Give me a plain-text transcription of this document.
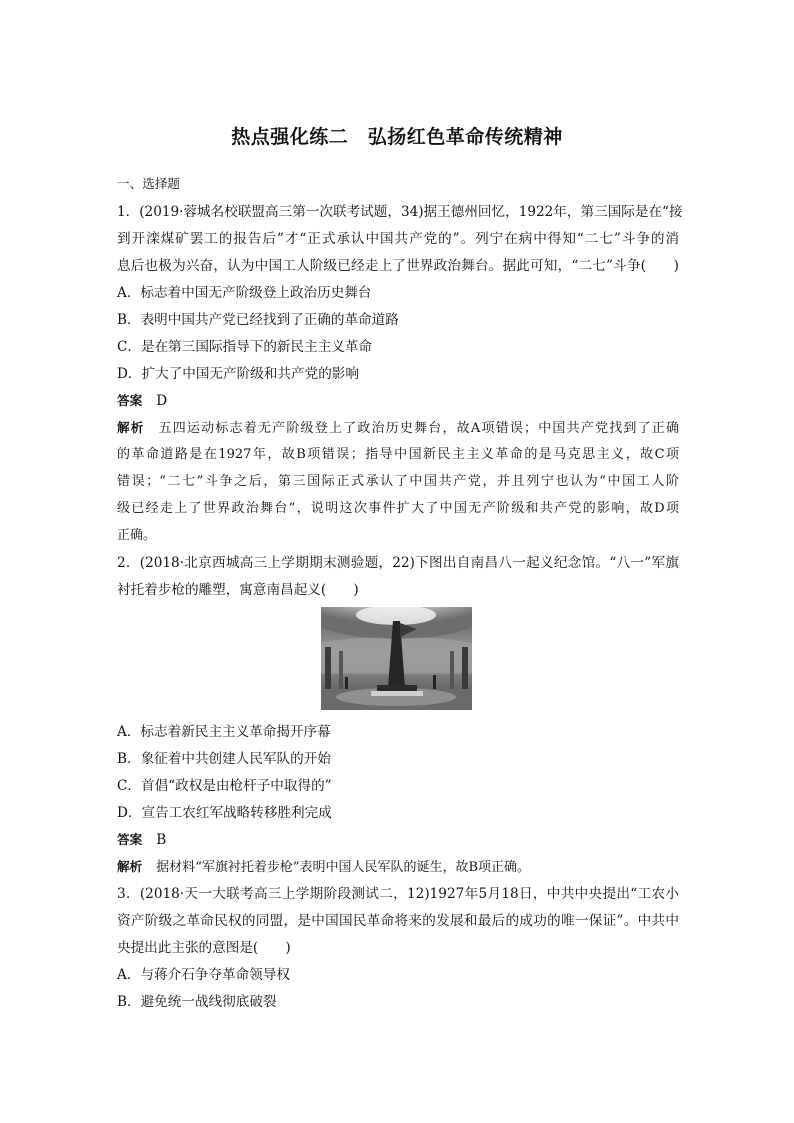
热点强化练二　弘扬红色革命传统精神
一、选择题
1．(2019·蓉城名校联盟高三第一次联考试题，34)据王德州回忆，1922年，第三国际是在“接
到开滦煤矿罢工的报告后”才“正式承认中国共产党的”。列宁在病中得知“二七”斗争的消
息后也极为兴奋，认为中国工人阶级已经走上了世界政治舞台。据此可知，“二七”斗争(　　)
A．标志着中国无产阶级登上政治历史舞台
B．表明中国共产党已经找到了正确的革命道路
C．是在第三国际指导下的新民主主义革命
D．扩大了中国无产阶级和共产党的影响
答案 D
解析 五四运动标志着无产阶级登上了政治历史舞台，故A项错误；中国共产党找到了正确
的革命道路是在1927年，故B项错误；指导中国新民主主义革命的是马克思主义，故C项
错误；“二七”斗争之后，第三国际正式承认了中国共产党，并且列宁也认为“中国工人阶
级已经走上了世界政治舞台”，说明这次事件扩大了中国无产阶级和共产党的影响，故D项
正确。
2．(2018·北京西城高三上学期期末测验题，22)下图出自南昌八一起义纪念馆。“八一”军旗
衬托着步枪的雕塑，寓意南昌起义(　　)
A．标志着新民主主义革命揭开序幕
B．象征着中共创建人民军队的开始
C．首倡“政权是由枪杆子中取得的”
D．宣告工农红军战略转移胜利完成
答案 B
解析 据材料“军旗衬托着步枪”表明中国人民军队的诞生，故B项正确。
3．(2018·天一大联考高三上学期阶段测试二，12)1927年5月18日，中共中央提出“工农小
资产阶级之革命民权的同盟，是中国国民革命将来的发展和最后的成功的唯一保证”。中共中
央提出此主张的意图是(　　)
A．与蒋介石争夺革命领导权
B．避免统一战线彻底破裂
